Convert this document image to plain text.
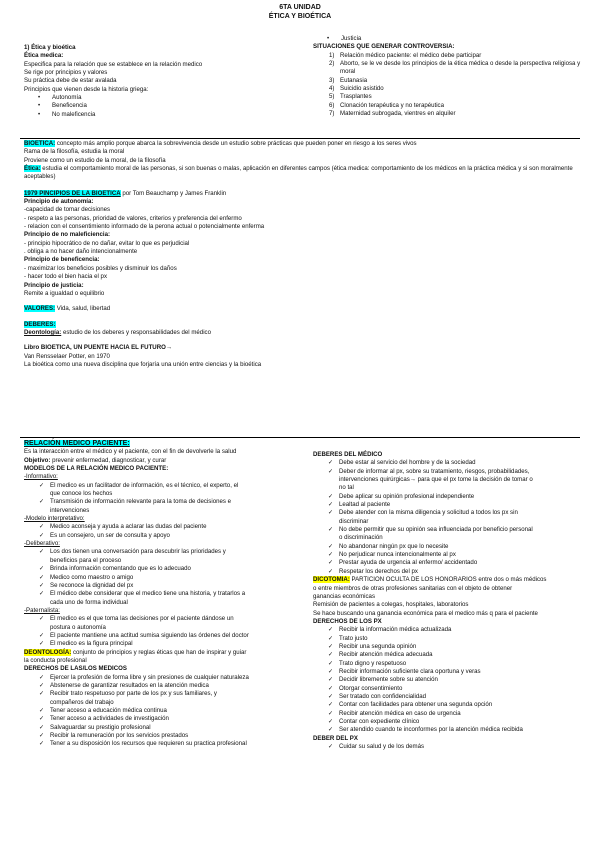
6TA UNIDAD
ÉTICA Y BIOÉTICA
1) Ética y bioética
Ética medica:
Especifica para la relación que se establece en la relación medico
Se rige por principios y valores
Su práctica debe de estar avalada
Principios que vienen desde la historia griega:
• Autonomía
• Beneficencia
• No maleficencia
• Justicia
SITUACIONES QUE GENERAR CONTROVERSIA:
1) Relación médico paciente: el médico debe participar
2) Aborto, se le ve desde los principios de la ética médica o desde la perspectiva religiosa y moral
3) Eutanasia
4) Suicidio asistido
5) Trasplantes
6) Clonación terapéutica y no terapéutica
7) Maternidad subrogada, vientres en alquiler
BIOETICA: concepto más amplio porque abarca la sobrevivencia desde un estudio sobre prácticas que pueden poner en riesgo a los seres vivos
Rama de la filosofía, estudia la moral
Proviene como un estudio de la moral, de la filosofía
Ética: estudia el comportamiento moral de las personas, si son buenas o malas, aplicación en diferentes campos (ética medica: comportamiento de los médicos en la práctica médica y si son moralmente aceptables)
1979 PINCIPIOS DE LA BIOETICA por Tom Beauchamp y James Franklin
Principio de autonomía:
-capacidad de tomar decisiones
- respeto a las personas, prioridad de valores, criterios y preferencia del enfermo
- relacion con el consentimiento informado de la perona actual o potencialmente enferma
Principio de no maleficiencia:
- principio hipocrático de no dañar, evitar lo que es perjudicial
. obliga a no hacer daño intencionalmente
Principio de beneficencia:
- maximizar los beneficios posibles y disminuir los daños
- hacer todo el bien hacia el px
Principio de justicia:
Remite a igualdad o equilibrio
VALORES: Vida, salud, libertad
DEBERES:
Deontología: estudio de los deberes y responsabilidades del médico
Libro BIOETICA, UN PUENTE HACIA EL FUTURO→
Van Rensselaer Potter, en 1970
La bioética como una nueva disciplina que forjaría una unión entre ciencias y la bioética
RELACIÓN MEDICO PACIENTE:
Es la interacción entre el médico y el paciente, con el fin de devolverle la salud
Objetivo: prevenir enfermedad, diagnosticar, y curar
MODELOS DE LA RELACIÓN MEDICO PACIENTE:
-Informativo:
✓ El medico es un facilitador de información, es el técnico, el experto, el
que conoce los hechos
✓ Transmisión de información relevante para la toma de decisiones e
intervenciones
-Modelo interpretativo:
✓ Medico aconseja y ayuda a aclarar las dudas del paciente
✓ Es un consejero, un ser de consulta y apoyo
-Deliberativo:
✓ Los dos tienen una conversación para descubrir las prioridades y
beneficios para el proceso
✓ Brinda información comentando que es lo adecuado
✓ Medico como maestro o amigo
✓ Se reconoce la dignidad del px
✓ El médico debe considerar que el medico tiene una historia, y tratarlos a
cada uno de forma individual
-Paternalista:
✓ El medico es el que toma las decisiones por el paciente dándose un
postura o autonomía
✓ El paciente mantiene una actitud sumisa siguiendo las órdenes del doctor
✓ El medico es la figura principal
DEONTOLOGÍA: conjunto de principios y reglas éticas que han de inspirar y guiar
la conducta profesional
DERECHOS DE LAS/LOS MEDICOS
✓ Ejercer la profesión de forma libre y sin presiones de cualquier naturaleza
✓ Abstenerse de garantizar resultados en la atención medica
✓ Recibir trato respetuoso por parte de los px y sus familiares, y
compañeros del trabajo
✓ Tener acceso a educación médica continua
✓ Tener acceso a actividades de investigación
✓ Salvaguardar su prestigio profesional
✓ Recibir la remuneración por los servicios prestados
✓ Tener a su disposición los recursos que requieren su practica profesional
DEBERES DEL MÉDICO
✓ Debe estar al servicio del hombre y de la sociedad
✓ Deber de informar al px, sobre su tratamiento, riesgos, probabilidades,
intervenciones quirúrgicas→ para que el px tome la decisión de tomar o
no tal
✓ Debe aplicar su opinión profesional independiente
✓ Lealtad al paciente
✓ Debe atender con la misma diligencia y solicitud a todos los px sin
discriminar
✓ No debe permitir que su opinión sea influenciada por beneficio personal
o discriminación
✓ No abandonar ningún px que lo necesite
✓ No perjudicar nunca intencionalmente al px
✓ Prestar ayuda de urgencia al enfermo/ accidentado
✓ Respetar los derechos del px
DICOTOMIA: PARTICION OCULTA DE LOS HONORARIOS entre dos o más médicos
o entre miembros de otras profesiones sanitarias con el objeto de obtener
ganancias económicas
Remisión de pacientes a colegas, hospitales, laboratorios
Se hace buscando una ganancia económica para el medico más q para el paciente
DERECHOS DE LOS PX
✓ Recibir la información médica actualizada
✓ Trato justo
✓ Recibir una segunda opinión
✓ Recibir atención médica adecuada
✓ Trato digno y respetuoso
✓ Recibir información suficiente clara oportuna y veras
✓ Decidir libremente sobre su atención
✓ Otorgar consentimiento
✓ Ser tratado con confidencialidad
✓ Contar con facilidades para obtener una segunda opción
✓ Recibir atención médica en caso de urgencia
✓ Contar con expediente clínico
✓ Ser atendido cuando te inconformes por la atención médica recibida
DEBER DEL PX
✓ Cuidar su salud y de los demás
